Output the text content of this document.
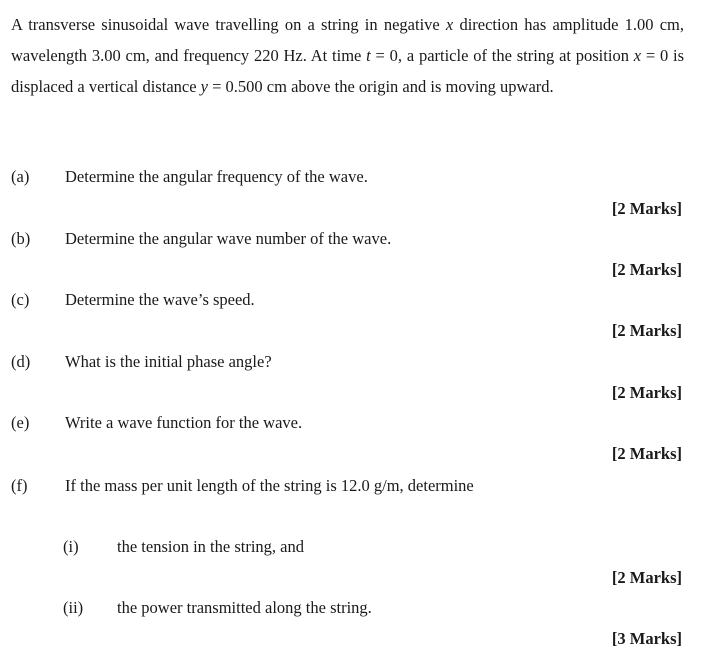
A transverse sinusoidal wave travelling on a string in negative x direction has amplitude 1.00 cm, wavelength 3.00 cm, and frequency 220 Hz. At time t = 0, a particle of the string at position x = 0 is displaced a vertical distance y = 0.500 cm above the origin and is moving upward.

(a) Determine the angular frequency of the wave.
[2 Marks]
(b) Determine the angular wave number of the wave.
[2 Marks]
(c) Determine the wave’s speed.
[2 Marks]
(d) What is the initial phase angle?
[2 Marks]
(e) Write a wave function for the wave.
[2 Marks]
(f) If the mass per unit length of the string is 12.0 g/m, determine
(i) the tension in the string, and
[2 Marks]
(ii) the power transmitted along the string.
[3 Marks]
